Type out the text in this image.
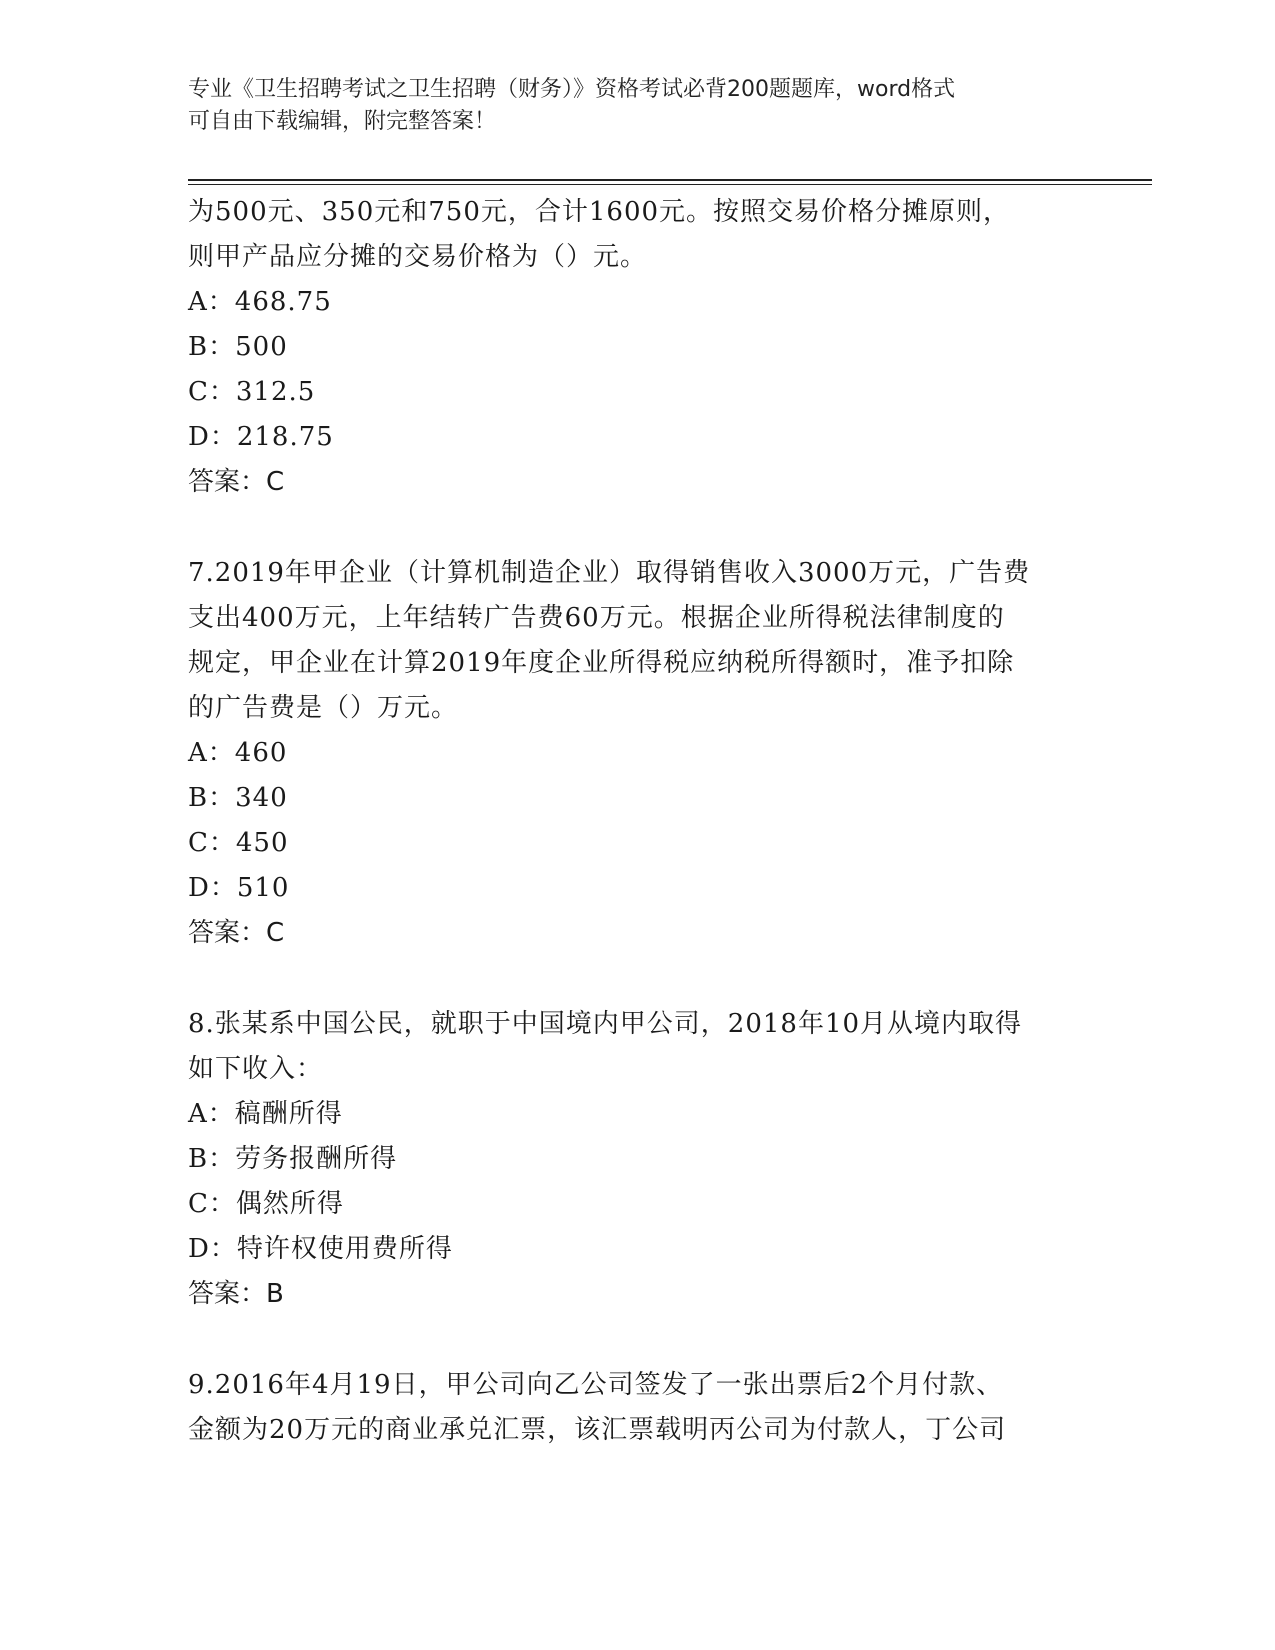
专业《卫生招聘考试之卫生招聘（财务）》资格考试必背200题题库，word格式
可自由下载编辑，附完整答案！
为500元、350元和750元，合计1600元。按照交易价格分摊原则，
则甲产品应分摊的交易价格为（）元。
A：468.75
B：500
C：312.5
D：218.75
答案：C
7.2019年甲企业（计算机制造企业）取得销售收入3000万元，广告费
支出400万元，上年结转广告费60万元。根据企业所得税法律制度的
规定，甲企业在计算2019年度企业所得税应纳税所得额时，准予扣除
的广告费是（）万元。
A：460
B：340
C：450
D：510
答案：C
8.张某系中国公民，就职于中国境内甲公司，2018年10月从境内取得
如下收入：
A：稿酬所得
B：劳务报酬所得
C：偶然所得
D：特许权使用费所得
答案：B
9.2016年4月19日，甲公司向乙公司签发了一张出票后2个月付款、
金额为20万元的商业承兑汇票，该汇票载明丙公司为付款人，丁公司
